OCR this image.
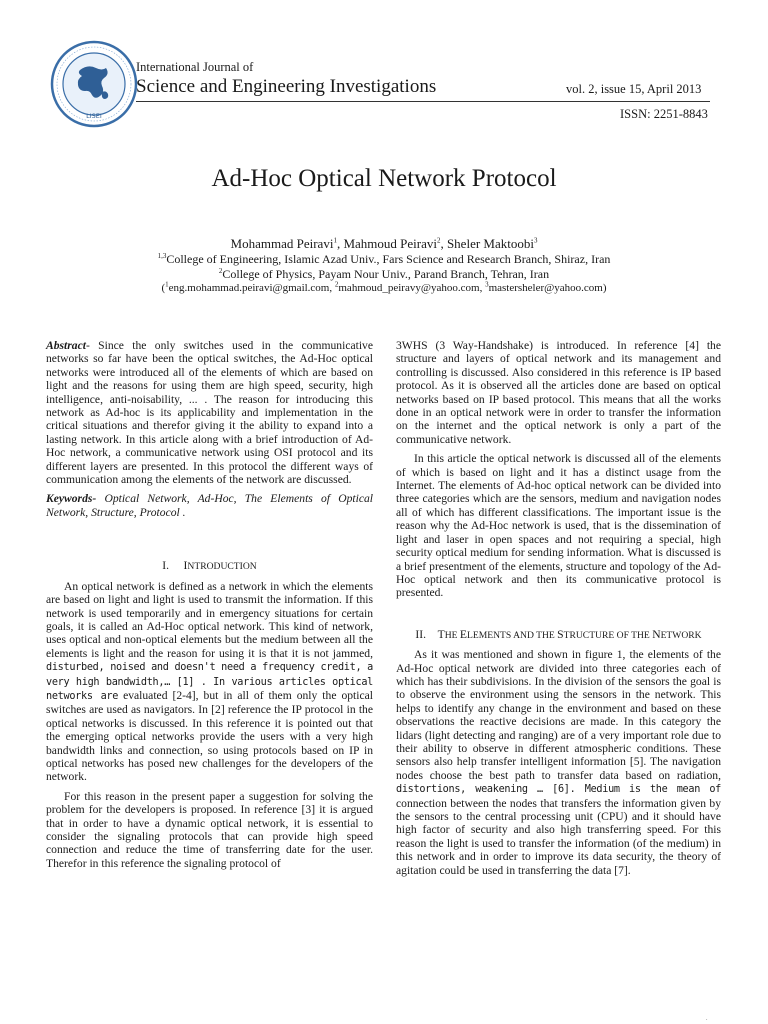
LISEI
International Journal of
Science and Engineering Investigations	vol. 2, issue 15, April 2013
ISSN: 2251-8843
Ad-Hoc Optical Network Protocol
Mohammad Peiravi$^1$, Mahmoud Peiravi$^2$, Sheler Maktoobi$^3$
$^{1,3}$College of Engineering, Islamic Azad Univ., Fars Science and Research Branch, Shiraz, Iran
$^2$College of Physics, Payam Nour Univ., Parand Branch, Tehran, Iran
($^1$eng.mohammad.peiravi@gmail.com, $^2$mahmoud_peiravy@yahoo.com, $^3$mastersheler@yahoo.com)

Abstract- Since the only switches used in the communicative networks so far have been the optical switches, the Ad-Hoc optical networks were introduced all of the elements of which are based on light and the reasons for using them are high speed, security, high intelligence, anti-noisability, ... . The reason for introducing this network as Ad-hoc is its applicability and implementation in the critical situations and therefor giving it the ability to expand into a lasting network. In this article along with a brief introduction of Ad-Hoc network, a communicative network using OSI protocol and its different layers are presented. In this protocol the different ways of communication among the elements of the network are discussed.

Keywords- Optical Network, Ad-Hoc, The Elements of Optical Network, Structure, Protocol .

I. INTRODUCTION

An optical network is defined as a network in which the elements are based on light and light is used to transmit the information. If this network is used temporarily and in emergency situations for certain goals, it is called an Ad-Hoc optical network. This kind of network, uses optical and non-optical elements but the medium between all the elements is light and the reason for using it is that it is not jammed, disturbed, noised and doesn't need a frequency credit, a very high bandwidth,… [1] . In various articles optical networks are evaluated [2-4], but in all of them only the optical switches are used as navigators. In [2] reference the IP protocol in the optical networks is discussed. In this reference it is pointed out that the emerging optical networks provide the users with a very high bandwidth links and connection, so using protocols based on IP in optical networks has posed new challenges for the developers of the network.

For this reason in the present paper a suggestion for solving the problem for the developers is proposed. In reference [3] it is argued that in order to have a dynamic optical network, it is essential to consider the signaling protocols that can provide high speed connection and reduce the time of transferring date for the user. Therefor in this reference the signaling protocol of

3WHS (3 Way-Handshake) is introduced. In reference [4] the structure and layers of optical network and its management and controlling is discussed. Also considered in this reference is IP based protocol. As it is observed all the articles done are based on optical networks based on IP based protocol. This means that all the works done in an optical network were in order to transfer the information on the internet and the optical network is only a part of the communicative network.

In this article the optical network is discussed all of the elements of which is based on light and it has a distinct usage from the Internet. The elements of Ad-hoc optical network can be divided into three categories which are the sensors, medium and navigation nodes all of which has different classifications. The important issue is the reason why the Ad-Hoc network is used, that is the dissemination of light and laser in open spaces and not requiring a special, high security optical medium for sending information. What is discussed is a brief presentment of the elements, structure and topology of the Ad-Hoc optical network and then its communicative protocol is presented.

II. THE ELEMENTS AND THE STRUCTURE OF THE NETWORK

As it was mentioned and shown in figure 1, the elements of the Ad-Hoc optical network are divided into three categories each of which has their subdivisions. In the division of the sensors the goal is to observe the environment using the sensors in the network. This helps to identify any change in the environment and based on these observations the reactive decisions are made. In this category the lidars (light detecting and ranging) are of a very important role due to their ability to observe in different atmospheric conditions. These sensors also help transfer intelligent information [5]. The navigation nodes choose the best path to transfer data based on radiation, distortions, weakening … [6]. Medium is the mean of connection between the nodes that transfers the information given by the sensors to the central processing unit (CPU) and it should have high factor of security and also high transferring speed. For this reason the light is used to transfer the information (of the medium) in this network and in order to improve its data security, the theory of agitation could be used in transferring the data [7].

.
